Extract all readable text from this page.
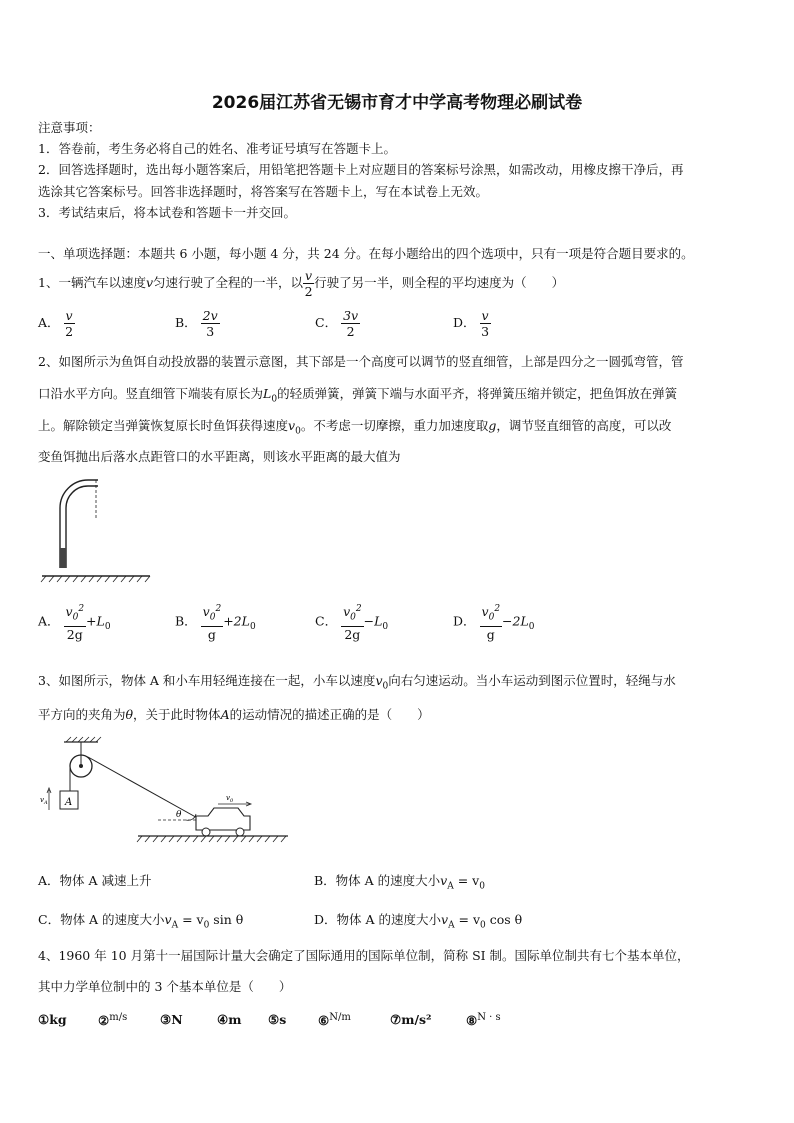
2026届江苏省无锡市育才中学高考物理必刷试卷
注意事项：
1．答卷前，考生务必将自己的姓名、准考证号填写在答题卡上。
2．回答选择题时，选出每小题答案后，用铅笔把答题卡上对应题目的答案标号涂黑，如需改动，用橡皮擦干净后，再
选涂其它答案标号。回答非选择题时，将答案写在答题卡上，写在本试卷上无效。
3．考试结束后，将本试卷和答题卡一并交回。
一、单项选择题：本题共 6 小题，每小题 4 分，共 24 分。在每小题给出的四个选项中，只有一项是符合题目要求的。
1、一辆汽车以速度v匀速行驶了全程的一半，以 $\frac{v}{2}$ 行驶了另一半，则全程的平均速度为（　　）
A． $\frac{v}{2}$	B． $\frac{2v}{3}$	C． $\frac{3v}{2}$	D． $\frac{v}{3}$
2、如图所示为鱼饵自动投放器的装置示意图，其下部是一个高度可以调节的竖直细管，上部是四分之一圆弧弯管，管
口沿水平方向。竖直细管下端装有原长为$L_0$的轻质弹簧，弹簧下端与水面平齐，将弹簧压缩并锁定，把鱼饵放在弹簧
上。解除锁定当弹簧恢复原长时鱼饵获得速度$v_0$。不考虑一切摩擦，重力加速度取g，调节竖直细管的高度，可以改
变鱼饵抛出后落水点距管口的水平距离，则该水平距离的最大值为
A． $\frac{v_0^2}{2g} +L_0$	B． $\frac{v_0^2}{g} +2L_0$	C． $\frac{v_0^2}{2g} -L_0$	D． $\frac{v_0^2}{g} -2L_0$
3、如图所示，物体 A 和小车用轻绳连接在一起，小车以速度$v_0$向右匀速运动。当小车运动到图示位置时，轻绳与水
平方向的夹角为θ，关于此时物体A的运动情况的描述正确的是（　　）
A
$v_A$
θ
$v_0$
A．物体 A 减速上升	B．物体 A 的速度大小$v_A = v_0$
C．物体 A 的速度大小$v_A = v_0$ sin θ	D．物体 A 的速度大小$v_A = v_0$ cos θ
4、1960 年 10 月第十一届国际计量大会确定了国际通用的国际单位制，简称 SI 制。国际单位制共有七个基本单位，
其中力学单位制中的 3 个基本单位是（　　）
①kg	②$^{m/s}$	③N	④m ⑤s	⑥$^{N/m}$	⑦m/s²	⑧$^{N \cdot s}$
